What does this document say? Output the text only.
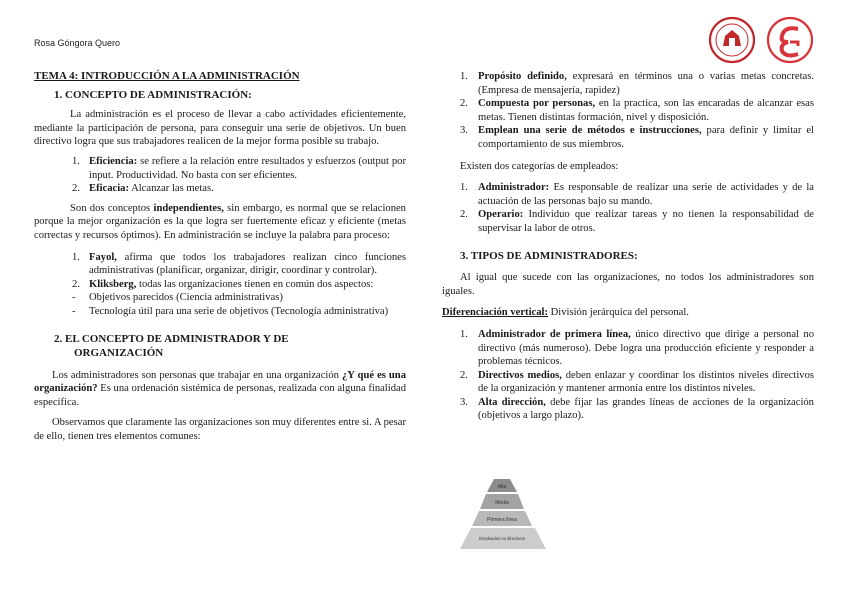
Rosa Góngora Quero

TEMA 4: INTRODUCCIÓN A LA ADMINISTRACIÓN

1. CONCEPTO DE ADMINISTRACIÓN:

La administración es el proceso de llevar a cabo actividades eficientemente, mediante la participación de persona, para conseguir una serie de objetivos. Un buen directivo logra que sus trabajadores realicen de la mejor forma posible su trabajo.

1. Eficiencia: se refiere a la relación entre resultados y esfuerzos (output por input. Productividad. No basta con ser eficientes.

2. Eficacia: Alcanzar las metas.

Son dos conceptos independientes, sin embargo, es normal que se relacionen porque la mejor organización es la que logra ser fuertemente eficaz y eficiente (metas correctas y recursos óptimos). En administración se incluye la palabra para proceso:

1. Fayol, afirma que todos los trabajadores realizan cinco funciones administrativas (planificar, organizar, dirigir, coordinar y controlar).

2. Kliksberg, todas las organizaciones tienen en común dos aspectos:

- Objetivos parecidos (Ciencia administrativas)

- Tecnología útil para una serie de objetivos (Tecnología administrativa)

2. EL CONCEPTO DE ADMINISTRADOR Y DE

ORGANIZACIÓN

Los administradores son personas que trabajar en una organización ¿Y qué es una organización? Es una ordenación sistémica de personas, realizada con alguna finalidad específica.

Observamos que claramente las organizaciones son muy diferentes entre si. A pesar de ello, tienen tres elementos comunes:

1. Propósito definido, expresará en términos una o varias metas concretas. (Empresa de mensajería, rapidez)

2. Compuesta por personas, en la practica, son las encaradas de alcanzar esas metas. Tienen distintas formación, nivel y disposición.

3. Emplean una serie de métodos e instrucciones, para definir y limitar el comportamiento de sus miembros.

Existen dos categorías de empleados:

1. Administrador: Es responsable de realizar una serie de actividades y de la actuación de las personas bajo su mando.

2. Operario: Individuo que realizar tareas y no tienen la responsabilidad de supervisar la labor de otros.

3. TIPOS DE ADMINISTRADORES:

Al igual que sucede con las organizaciones, no todos los administradores son iguales.

Diferenciación vertical: División jerárquica del personal.

1. Administrador de primera línea, único directivo que dirige a personal no directivo (más numeroso). Debe logra una producción eficiente y responder a problemas técnicos.

2. Directivos medios, deben enlazar y coordinar los distintos niveles directivos de la organización y mantener armonía entre los distintos niveles.

3. Alta dirección, debe fijar las grandes líneas de acciones de la organización (objetivos a largo plazo).

Alta
Media
Primera línea
Empleados no directivos
